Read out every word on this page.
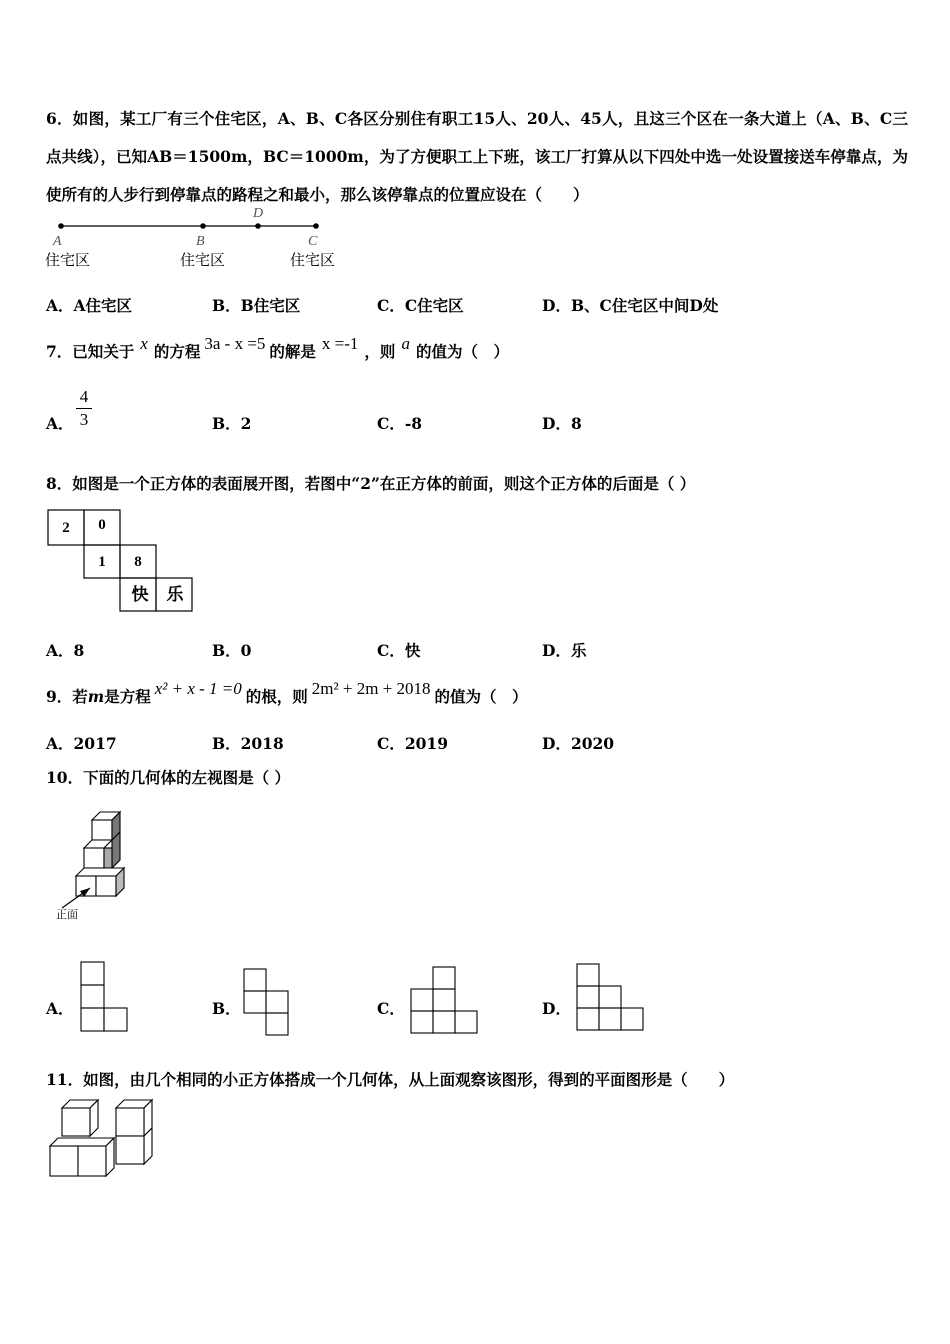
6．如图，某工厂有三个住宅区，A、B、C各区分别住有职工15人、20人、45人，且这三个区在一条大道上（A、B、C三点共线），已知AB＝1500m，BC＝1000m，为了方便职工上下班，该工厂打算从以下四处中选一处设置接送车停靠点，为使所有的人步行到停靠点的路程之和最小，那么该停靠点的位置应设在（　　）
D
A	B	C
住宅区	住宅区	住宅区
A．A住宅区	B．B住宅区	C．C住宅区	D．B、C住宅区中间D处
7．已知关于 x 的方程 3a - x =5 的解是 x =-1 ，则 a 的值为（　）
A．
4
3	B．2	C．-8	D．8
8．如图是一个正方体的表面展开图，若图中“2”在正方体的前面，则这个正方体的后面是（ ）
2 0
1 8
快 乐
A．8	B．0	C．快	D．乐
9．若m是方程 x² + x - 1 =0 的根，则 2m² + 2m + 2018 的值为（　）
A．2017	B．2018	C．2019	D．2020
10．下面的几何体的左视图是（ ）
正面
A．	B．	C．	D．
11．如图，由几个相同的小正方体搭成一个几何体，从上面观察该图形，得到的平面图形是（　　）
